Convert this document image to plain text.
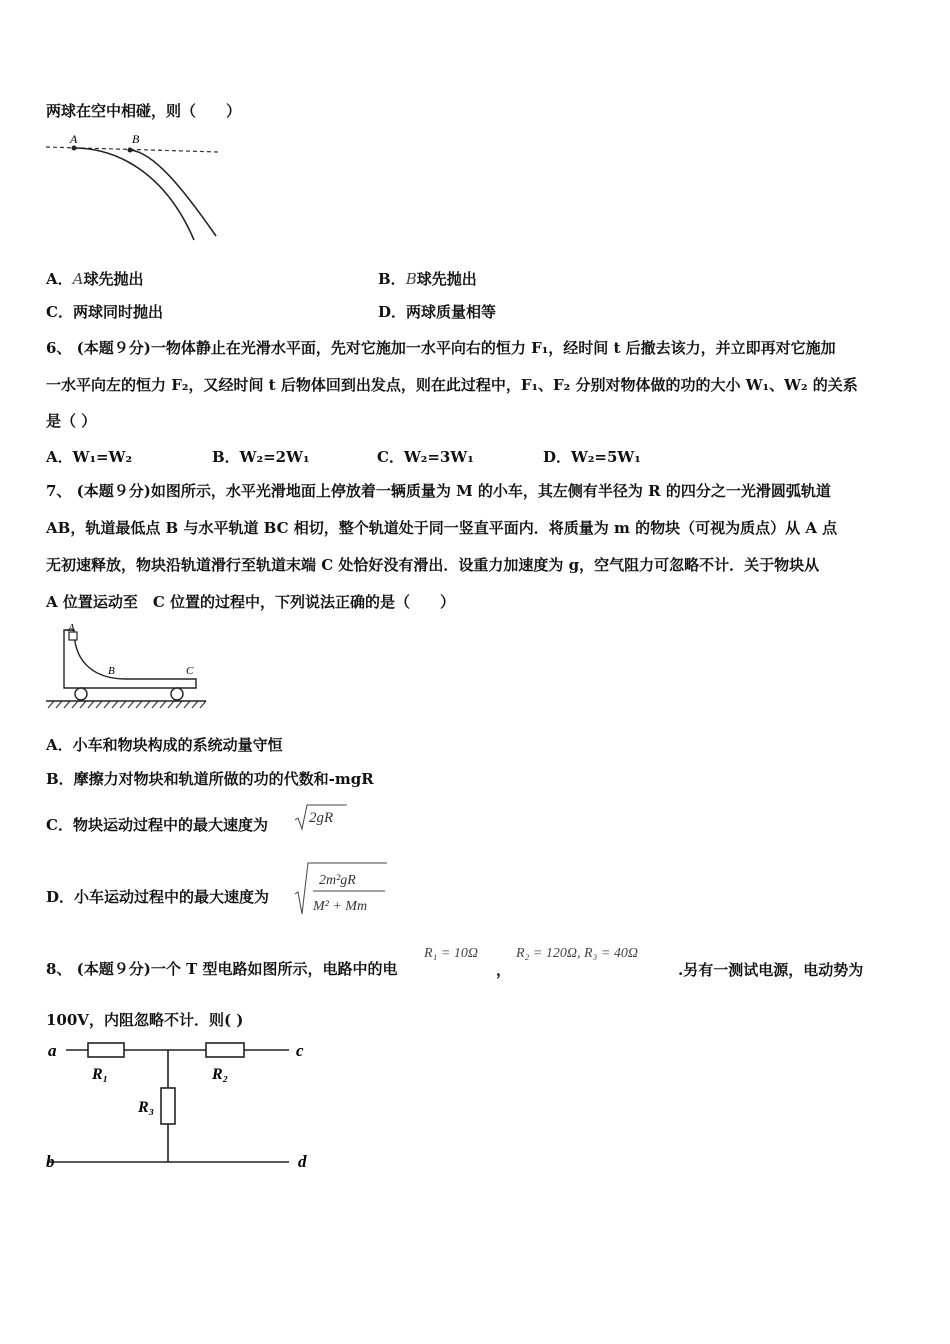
两球在空中相碰，则（　　）
A	B
A．A球先抛出	B．B球先抛出
C．两球同时抛出	D．两球质量相等
6、 (本题９分)一物体静止在光滑水平面，先对它施加一水平向右的恒力 F₁，经时间 t 后撤去该力，并立即再对它施加
一水平向左的恒力 F₂，又经时间 t 后物体回到出发点，则在此过程中，F₁、F₂ 分别对物体做的功的大小 W₁、W₂ 的关系
是（ ）
A．W₁=W₂	B．W₂=2W₁	C．W₂=3W₁	D．W₂=5W₁
7、 (本题９分)如图所示，水平光滑地面上停放着一辆质量为 M 的小车，其左侧有半径为 R 的四分之一光滑圆弧轨道
AB，轨道最低点 B 与水平轨道 BC 相切，整个轨道处于同一竖直平面内．将质量为 m 的物块（可视为质点）从 A 点
无初速释放，物块沿轨道滑行至轨道末端 C 处恰好没有滑出．设重力加速度为 g，空气阻力可忽略不计．关于物块从
A 位置运动至　C 位置的过程中，下列说法正确的是（　　）
A
B	C
A．小车和物块构成的系统动量守恒
B．摩擦力对物块和轨道所做的功的代数和-mgR
C．物块运动过程中的最大速度为	2gR
D．小车运动过程中的最大速度为
2m²gR
M² + Mm
8、 (本题９分)一个 T 型电路如图所示，电路中的电
R₁ = 10Ω
，
R₂ = 120Ω, R₃ = 40Ω
.另有一测试电源，电动势为
100V，内阻忽略不计．则( )
a
b
c
d
R₁	R₂
R₃
